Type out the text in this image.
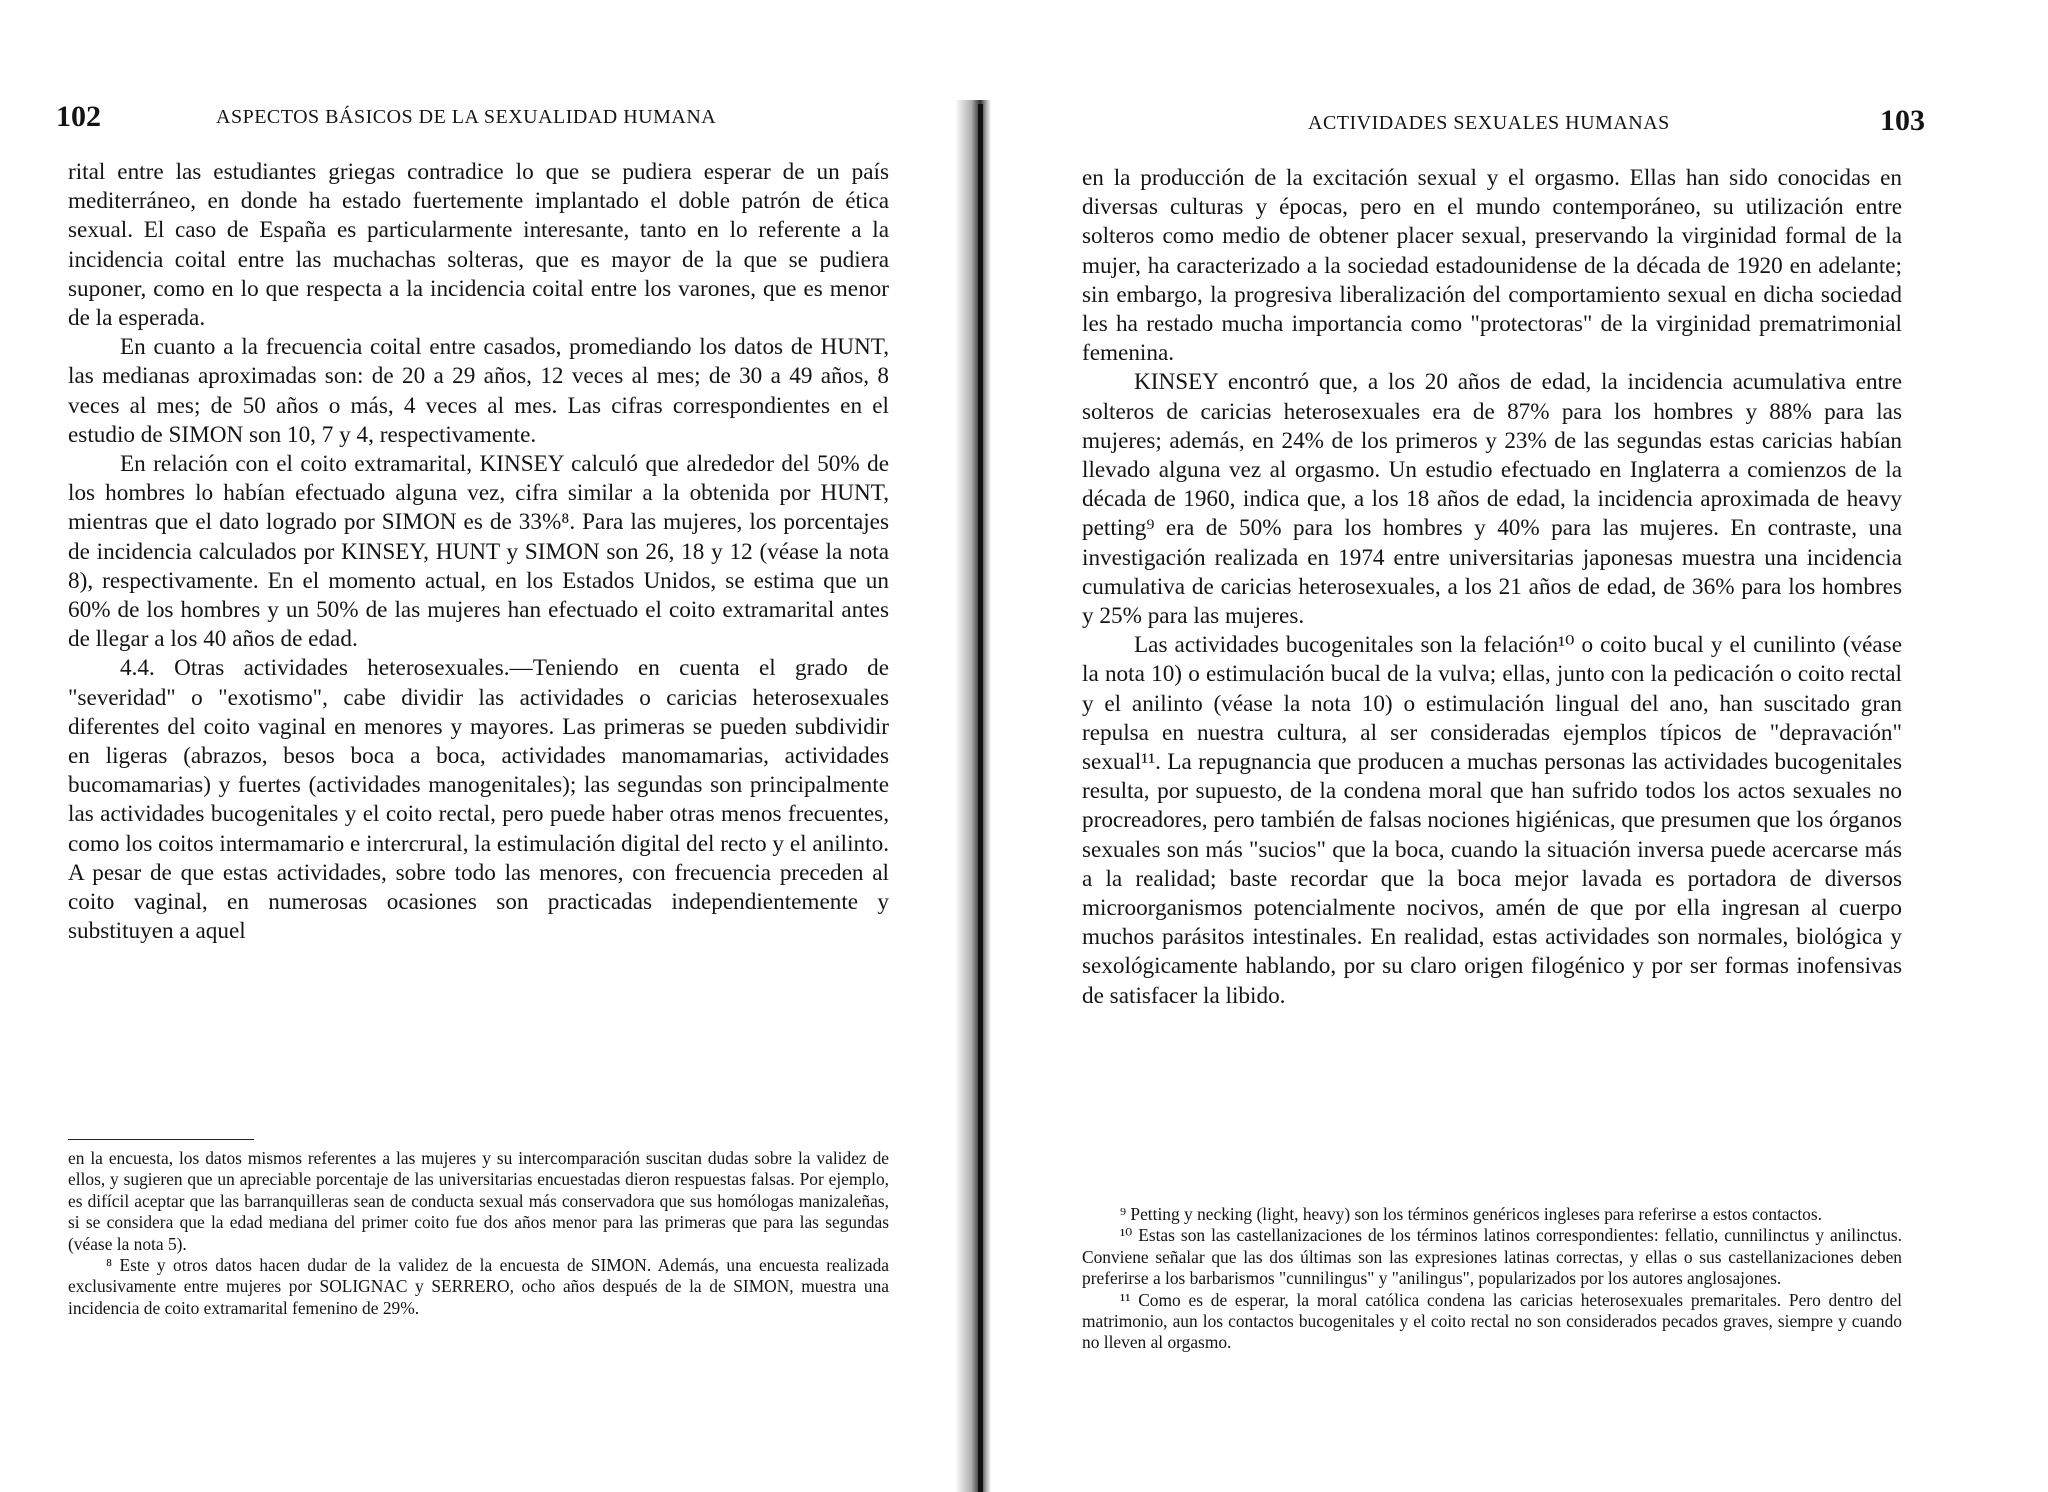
102	ASPECTOS BÁSICOS DE LA SEXUALIDAD HUMANA

rital entre las estudiantes griegas contradice lo que se pudiera esperar de un país mediterráneo, en donde ha estado fuertemente implantado el doble patrón de ética sexual. El caso de España es particularmente interesante, tanto en lo referente a la incidencia coital entre las muchachas solteras, que es mayor de la que se pudiera suponer, como en lo que respecta a la incidencia coital entre los varones, que es menor de la esperada.

En cuanto a la frecuencia coital entre casados, promediando los datos de HUNT, las medianas aproximadas son: de 20 a 29 años, 12 veces al mes; de 30 a 49 años, 8 veces al mes; de 50 años o más, 4 veces al mes. Las cifras correspondientes en el estudio de SIMON son 10, 7 y 4, respectivamente.

En relación con el coito extramarital, KINSEY calculó que alrededor del 50% de los hombres lo habían efectuado alguna vez, cifra similar a la obtenida por HUNT, mientras que el dato logrado por SIMON es de 33%⁸. Para las mujeres, los porcentajes de incidencia calculados por KINSEY, HUNT y SIMON son 26, 18 y 12 (véase la nota 8), respectivamente. En el momento actual, en los Estados Unidos, se estima que un 60% de los hombres y un 50% de las mujeres han efectuado el coito extramarital antes de llegar a los 40 años de edad.

4.4. Otras actividades heterosexuales.—Teniendo en cuenta el grado de "severidad" o "exotismo", cabe dividir las actividades o caricias heterosexuales diferentes del coito vaginal en menores y mayores. Las primeras se pueden subdividir en ligeras (abrazos, besos boca a boca, actividades manomamarias, actividades bucomamarias) y fuertes (actividades manogenitales); las segundas son principalmente las actividades bucogenitales y el coito rectal, pero puede haber otras menos frecuentes, como los coitos intermamario e intercrural, la estimulación digital del recto y el anilinto. A pesar de que estas actividades, sobre todo las menores, con frecuencia preceden al coito vaginal, en numerosas ocasiones son practicadas independientemente y substituyen a aquel

en la encuesta, los datos mismos referentes a las mujeres y su intercomparación suscitan dudas sobre la validez de ellos, y sugieren que un apreciable porcentaje de las universitarias encuestadas dieron respuestas falsas. Por ejemplo, es difícil aceptar que las barranquilleras sean de conducta sexual más conservadora que sus homólogas manizaleñas, si se considera que la edad mediana del primer coito fue dos años menor para las primeras que para las segundas (véase la nota 5).

⁸ Este y otros datos hacen dudar de la validez de la encuesta de SIMON. Además, una encuesta realizada exclusivamente entre mujeres por SOLIGNAC y SERRERO, ocho años después de la de SIMON, muestra una incidencia de coito extramarital femenino de 29%.

103
ACTIVIDADES SEXUALES HUMANAS

en la producción de la excitación sexual y el orgasmo. Ellas han sido conocidas en diversas culturas y épocas, pero en el mundo contemporáneo, su utilización entre solteros como medio de obtener placer sexual, preservando la virginidad formal de la mujer, ha caracterizado a la sociedad estadounidense de la década de 1920 en adelante; sin embargo, la progresiva liberalización del comportamiento sexual en dicha sociedad les ha restado mucha importancia como "protectoras" de la virginidad prematrimonial femenina.

KINSEY encontró que, a los 20 años de edad, la incidencia acumulativa entre solteros de caricias heterosexuales era de 87% para los hombres y 88% para las mujeres; además, en 24% de los primeros y 23% de las segundas estas caricias habían llevado alguna vez al orgasmo. Un estudio efectuado en Inglaterra a comienzos de la década de 1960, indica que, a los 18 años de edad, la incidencia aproximada de heavy petting⁹ era de 50% para los hombres y 40% para las mujeres. En contraste, una investigación realizada en 1974 entre universitarias japonesas muestra una incidencia cumulativa de caricias heterosexuales, a los 21 años de edad, de 36% para los hombres y 25% para las mujeres.

Las actividades bucogenitales son la felación¹⁰ o coito bucal y el cunilinto (véase la nota 10) o estimulación bucal de la vulva; ellas, junto con la pedicación o coito rectal y el anilinto (véase la nota 10) o estimulación lingual del ano, han suscitado gran repulsa en nuestra cultura, al ser consideradas ejemplos típicos de "depravación" sexual¹¹. La repugnancia que producen a muchas personas las actividades bucogenitales resulta, por supuesto, de la condena moral que han sufrido todos los actos sexuales no procreadores, pero también de falsas nociones higiénicas, que presumen que los órganos sexuales son más "sucios" que la boca, cuando la situación inversa puede acercarse más a la realidad; baste recordar que la boca mejor lavada es portadora de diversos microorganismos potencialmente nocivos, amén de que por ella ingresan al cuerpo muchos parásitos intestinales. En realidad, estas actividades son normales, biológica y sexológicamente hablando, por su claro origen filogénico y por ser formas inofensivas de satisfacer la libido.

⁹ Petting y necking (light, heavy) son los términos genéricos ingleses para referirse a estos contactos.

¹⁰ Estas son las castellanizaciones de los términos latinos correspondientes: fellatio, cunnilinctus y anilinctus. Conviene señalar que las dos últimas son las expresiones latinas correctas, y ellas o sus castellanizaciones deben preferirse a los barbarismos "cunnilingus" y "anilingus", popularizados por los autores anglosajones.

¹¹ Como es de esperar, la moral católica condena las caricias heterosexuales premaritales. Pero dentro del matrimonio, aun los contactos bucogenitales y el coito rectal no son considerados pecados graves, siempre y cuando no lleven al orgasmo.
